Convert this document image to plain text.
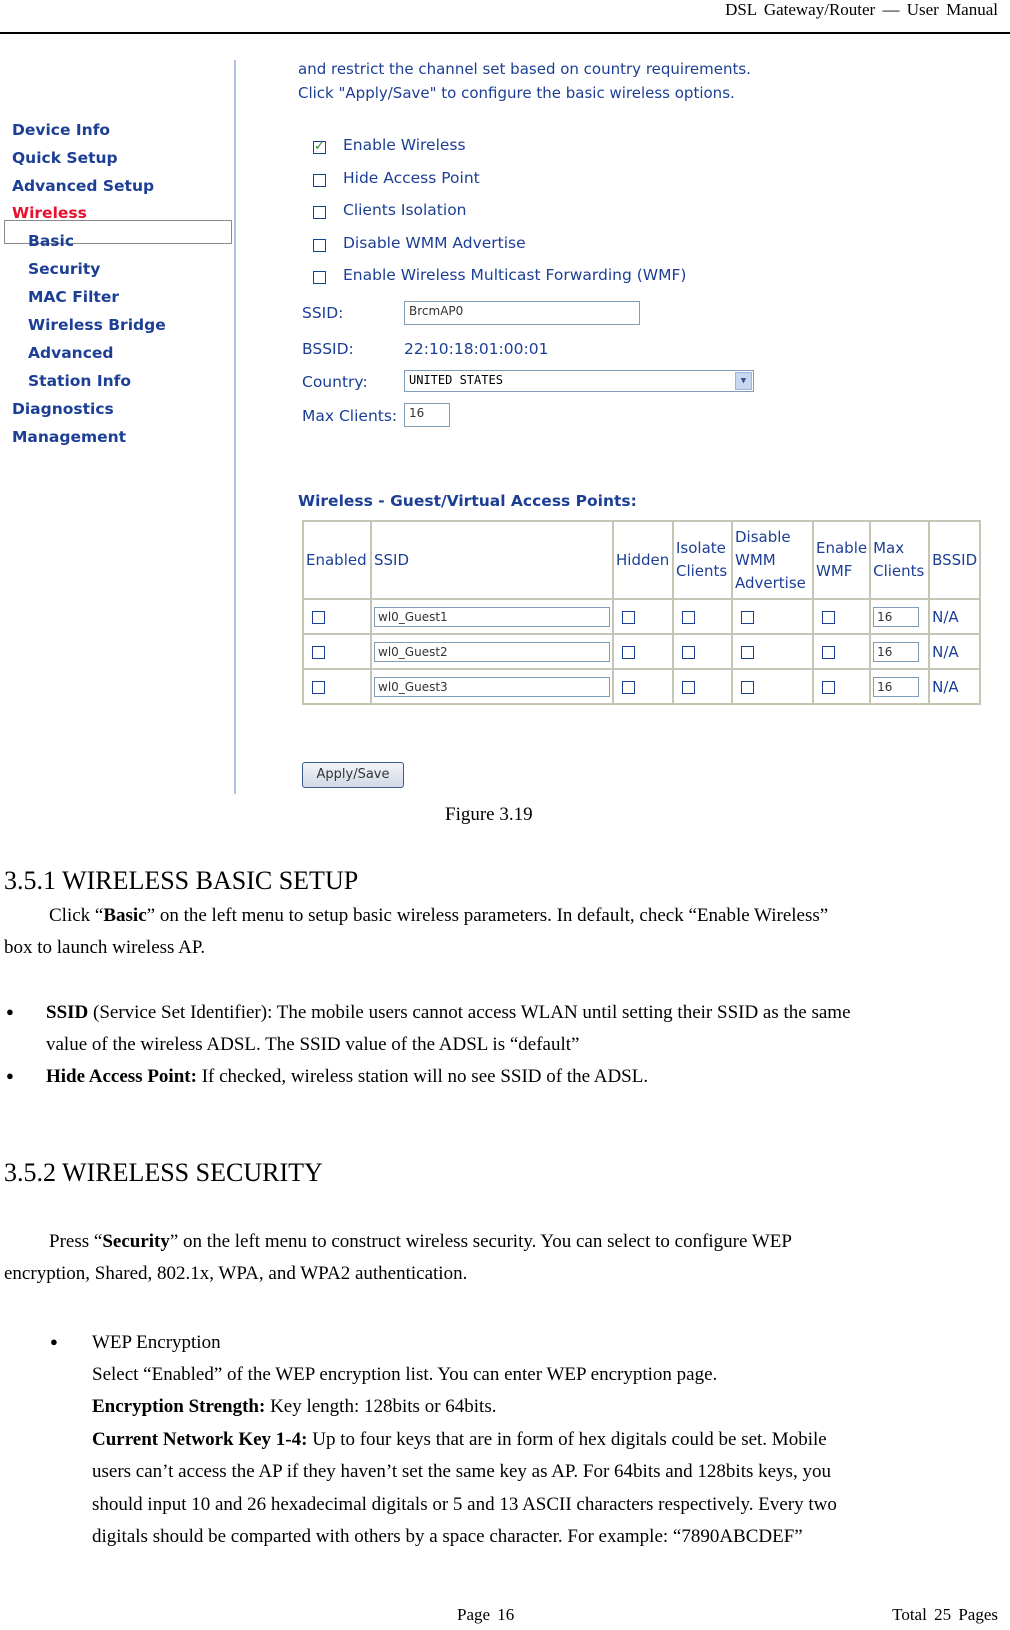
DSL Gateway/Router — User Manual
Device Info
Quick Setup
Advanced Setup
Wireless
Basic
Security
MAC Filter
Wireless Bridge
Advanced
Station Info
Diagnostics
Management
and restrict the channel set based on country requirements.
Click "Apply/Save" to configure the basic wireless options.
✓
Enable Wireless
Hide Access Point
Clients Isolation
Disable WMM Advertise
Enable Wireless Multicast Forwarding (WMF)
SSID:	BrcmAP0
BSSID:	22:10:18:01:00:01
Country:	UNITED STATES	▼
Max Clients: 16
Wireless - Guest/Virtual Access Points:
Enabled	SSID	Hidden	Isolate Clients	Disable WMM Advertise	Enable WMF	Max Clients	BSSID
	wl0_Guest1					16	N/A
	wl0_Guest2					16	N/A
	wl0_Guest3					16	N/A
Apply/Save
Figure 3.19
3.5.1 WIRELESS BASIC SETUP
Click “Basic” on the left menu to setup basic wireless parameters. In default, check “Enable Wireless”
box to launch wireless AP.
● SSID (Service Set Identifier): The mobile users cannot access WLAN until setting their SSID as the same
value of the wireless ADSL. The SSID value of the ADSL is “default”
● Hide Access Point: If checked, wireless station will no see SSID of the ADSL.
3.5.2 WIRELESS SECURITY
Press “Security” on the left menu to construct wireless security. You can select to configure WEP
encryption, Shared, 802.1x, WPA, and WPA2 authentication.
● WEP Encryption
Select “Enabled” of the WEP encryption list. You can enter WEP encryption page.
Encryption Strength: Key length: 128bits or 64bits.
Current Network Key 1-4: Up to four keys that are in form of hex digitals could be set. Mobile
users can’t access the AP if they haven’t set the same key as AP. For 64bits and 128bits keys, you
should input 10 and 26 hexadecimal digitals or 5 and 13 ASCII characters respectively. Every two
digitals should be comparted with others by a space character. For example: “7890ABCDEF”
Page 16	Total 25 Pages
